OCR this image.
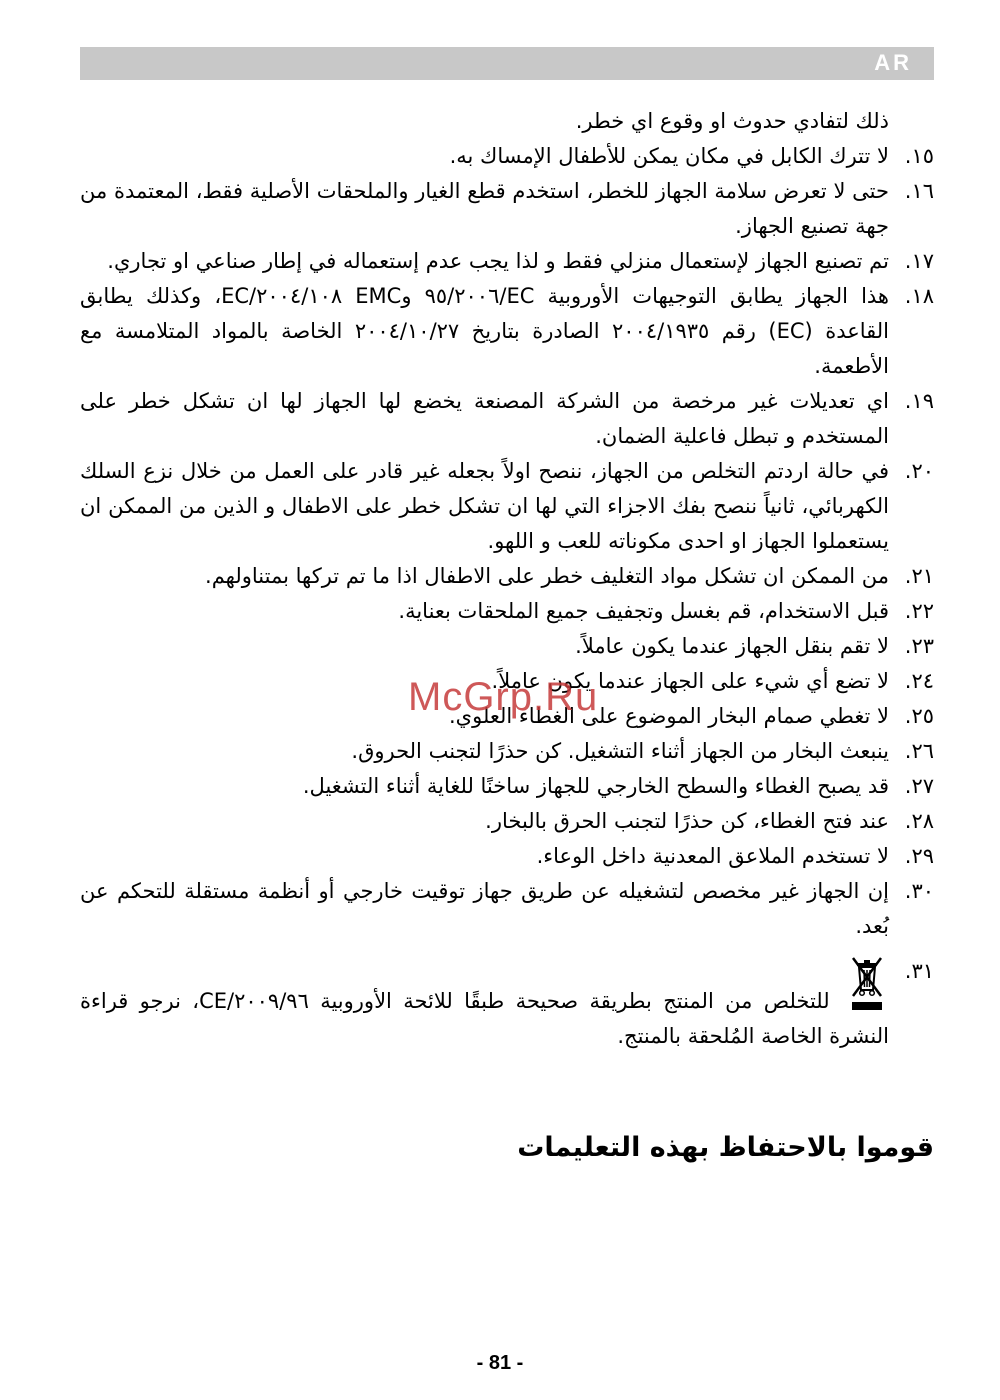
AR

ذلك لتفادي حدوث او وقوع اي خطر.

١٥.
لا تترك الكابل في مكان يمكن للأطفال الإمساك به.

١٦.
حتى لا تعرض سلامة الجهاز للخطر، استخدم قطع الغيار والملحقات الأصلية فقط، المعتمدة من جهة تصنيع الجهاز.

١٧.
تم تصنيع الجهاز لإستعمال منزلي فقط و لذا يجب عدم إستعماله في إطار صناعي او تجاري.

١٨.
هذا الجهاز يطابق التوجيهات الأوروبية EC/٩٥/٢٠٠٦ وEMC ٢٠٠٤/١٠٨/EC، وكذلك يطابق القاعدة (EC) رقم ٢٠٠٤/١٩٣٥ الصادرة بتاريخ ٢٠٠٤/١٠/٢٧ الخاصة بالمواد المتلامسة مع الأطعمة.

١٩.
اي تعديلات غير مرخصة من الشركة المصنعة يخضع لها الجهاز لها ان تشكل خطر على المستخدم و تبطل فاعلية الضمان.

٢٠.
في حالة اردتم التخلص من الجهاز، ننصح اولاً بجعله غير قادر على العمل من خلال نزع السلك الكهربائي، ثانياً ننصح بفك الاجزاء التي لها ان تشكل خطر على الاطفال و الذين من الممكن ان يستعملوا الجهاز او احدى مكوناته للعب و اللهو.

٢١.
من الممكن ان تشكل مواد التغليف خطر على الاطفال اذا ما تم تركها بمتناولهم.

٢٢.
قبل الاستخدام، قم بغسل وتجفيف جميع الملحقات بعناية.

٢٣.
لا تقم بنقل الجهاز عندما يكون عاملاً.

٢٤.
لا تضع أي شيء على الجهاز عندما يكون عاملاً.

٢٥.
لا تغطي صمام البخار الموضوع على الغطاء العلوي.

٢٦.
ينبعث البخار من الجهاز أثناء التشغيل. كن حذرًا لتجنب الحروق.

٢٧.
قد يصبح الغطاء والسطح الخارجي للجهاز ساخنًا للغاية أثناء التشغيل.

٢٨.
عند فتح الغطاء، كن حذرًا لتجنب الحرق بالبخار.

٢٩.
لا تستخدم الملاعق المعدنية داخل الوعاء.

٣٠.
إن الجهاز غير مخصص لتشغيله عن طريق جهاز توقيت خارجي أو أنظمة مستقلة للتحكم عن بُعد.

٣١.
للتخلص من المنتج بطريقة صحيحة طبقًا للائحة الأوروبية ٢٠٠٩/٩٦/CE، نرجو قراءة النشرة الخاصة المُلحقة بالمنتج.

قوموا بالاحتفاظ بهذه التعليمات
McGrp.Ru
- 81 -
